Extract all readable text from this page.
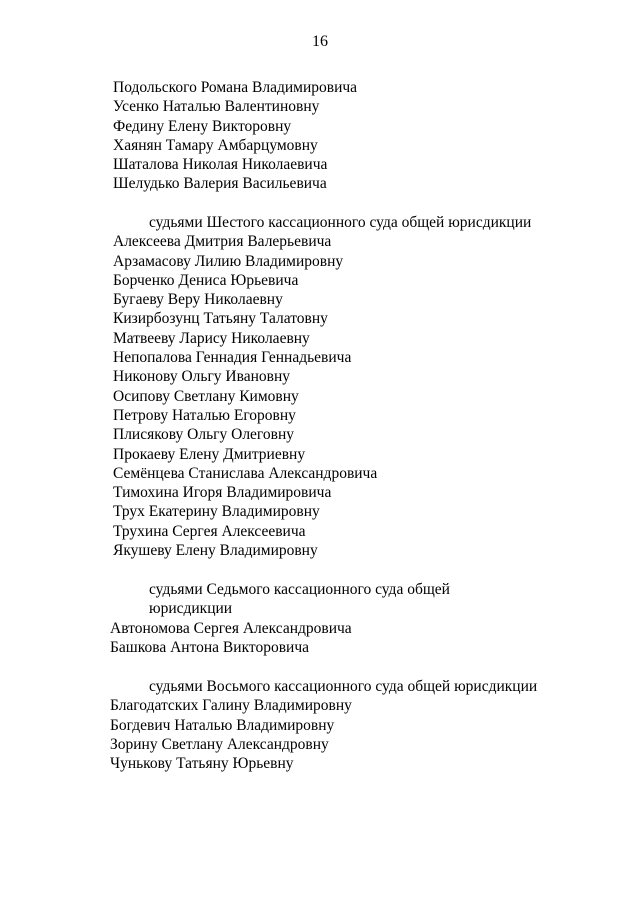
16
Подольского Романа Владимировича
Усенко Наталью Валентиновну
Федину Елену Викторовну
Хаянян Тамару Амбарцумовну
Шаталова Николая Николаевича
Шелудько Валерия Васильевича
судьями Шестого кассационного суда общей юрисдикции
Алексеева Дмитрия Валерьевича
Арзамасову Лилию Владимировну
Борченко Дениса Юрьевича
Бугаеву Веру Николаевну
Кизирбозунц Татьяну Талатовну
Матвееву Ларису Николаевну
Непопалова Геннадия Геннадьевича
Никонову Ольгу Ивановну
Осипову Светлану Кимовну
Петрову Наталью Егоровну
Плисякову Ольгу Олеговну
Прокаеву Елену Дмитриевну
Семёнцева Станислава Александровича
Тимохина Игоря Владимировича
Трух Екатерину Владимировну
Трухина Сергея Алексеевича
Якушеву Елену Владимировну
судьями Седьмого кассационного суда общей
юрисдикции
Автономова Сергея Александровича
Башкова Антона Викторовича
судьями Восьмого кассационного суда общей юрисдикции
Благодатских Галину Владимировну
Богдевич Наталью Владимировну
Зорину Светлану Александровну
Чунькову Татьяну Юрьевну
